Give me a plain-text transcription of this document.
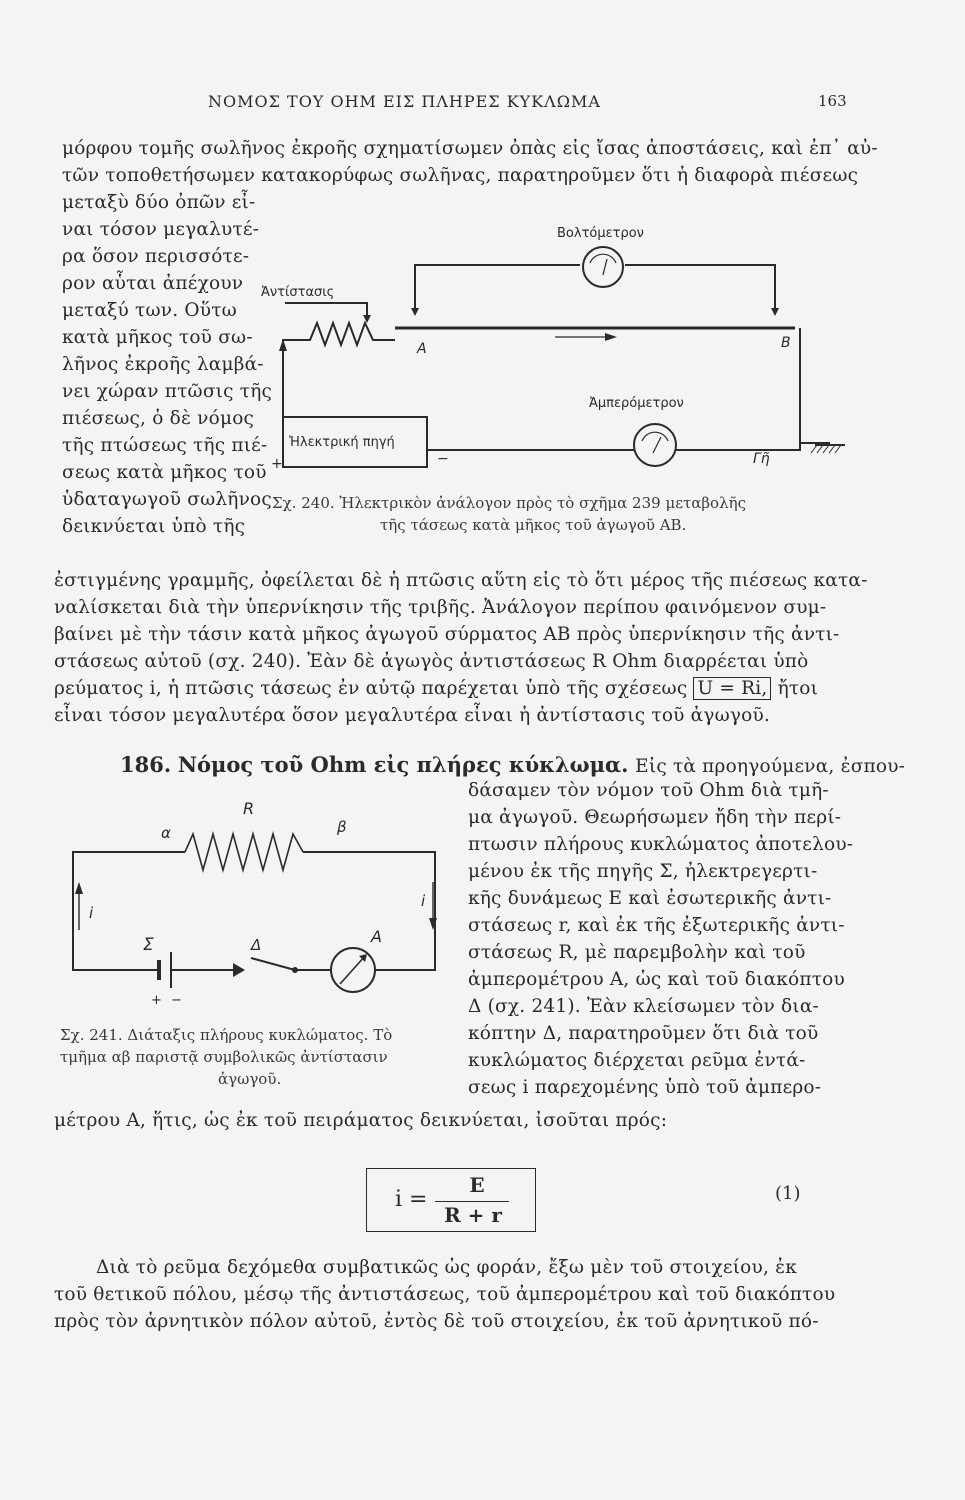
ΝΟΜΟΣ ΤΟΥ ΟΗΜ ΕΙΣ ΠΛΗΡΕΣ ΚΥΚΛΩΜΑ	163
μόρφου τομῆς σωλῆνος ἐκροῆς σχηματίσωμεν ὀπὰς εἰς ἴσας ἀποστάσεις, καὶ ἐπ᾽ αὐ-
τῶν τοποθετήσωμεν κατακορύφως σωλῆνας, παρατηροῦμεν ὅτι ἡ διαφορὰ πιέσεως
μεταξὺ δύο ὀπῶν εἶ-
ναι τόσον μεγαλυτέ-
ρα ὅσον περισσότε-
ρον αὗται ἀπέχουν
μεταξύ των. Οὕτω
κατὰ μῆκος τοῦ σω-
λῆνος ἐκροῆς λαμβά-
νει χώραν πτῶσις τῆς
πιέσεως, ὁ δὲ νόμος
τῆς πτώσεως τῆς πιέ-
σεως κατὰ μῆκος τοῦ
ὑδαταγωγοῦ σωλῆνος
δεικνύεται ὑπὸ τῆς
Βολτόμετρον
Ἀντίστασις
Α	Β
Ἀμπερόμετρον
Ἠλεκτρική πηγή
+	−	Γῆ
Σχ. 240. Ἠλεκτρικὸν ἀνάλογον πρὸς τὸ σχῆμα 239 μεταβολῆς
τῆς τάσεως κατὰ μῆκος τοῦ ἀγωγοῦ ΑΒ.
ἐστιγμένης γραμμῆς, ὀφείλεται δὲ ἡ πτῶσις αὕτη εἰς τὸ ὅτι μέρος τῆς πιέσεως κατα-
ναλίσκεται διὰ τὴν ὑπερνίκησιν τῆς τριβῆς. Ἀνάλογον περίπου φαινόμενον συμ-
βαίνει μὲ τὴν τάσιν κατὰ μῆκος ἀγωγοῦ σύρματος ΑΒ πρὸς ὑπερνίκησιν τῆς ἀντι-
στάσεως αὐτοῦ (σχ. 240). Ἐὰν δὲ ἀγωγὸς ἀντιστάσεως R Ohm διαρρέεται ὑπὸ
ρεύματος i, ἡ πτῶσις τάσεως ἐν αὐτῷ παρέχεται ὑπὸ τῆς σχέσεως U = Ri, ἤτοι
εἶναι τόσον μεγαλυτέρα ὅσον μεγαλυτέρα εἶναι ἡ ἀντίστασις τοῦ ἀγωγοῦ.
186. Νόμος τοῦ Ohm εἰς πλήρες κύκλωμα. Εἰς τὰ προηγούμενα, ἐσπου-
R
α	β
i
i
Σ	Δ	Α
+ −
Σχ. 241. Διάταξις πλήρους κυκλώματος. Τὸ
τμῆμα αβ παριστᾷ συμβολικῶς ἀντίστασιν
ἀγωγοῦ.
δάσαμεν τὸν νόμον τοῦ Ohm διὰ τμῆ-
μα ἀγωγοῦ. Θεωρήσωμεν ἤδη τὴν περί-
πτωσιν πλήρους κυκλώματος ἀποτελου-
μένου ἐκ τῆς πηγῆς Σ, ἠλεκτρεγερτι-
κῆς δυνάμεως Ε καὶ ἐσωτερικῆς ἀντι-
στάσεως r, καὶ ἐκ τῆς ἐξωτερικῆς ἀντι-
στάσεως R, μὲ παρεμβολὴν καὶ τοῦ
ἀμπερομέτρου Α, ὡς καὶ τοῦ διακόπτου
Δ (σχ. 241). Ἐὰν κλείσωμεν τὸν δια-
κόπτην Δ, παρατηροῦμεν ὅτι διὰ τοῦ
κυκλώματος διέρχεται ρεῦμα ἐντά-
σεως i παρεχομένης ὑπὸ τοῦ ἀμπερο-
μέτρου Α, ἥτις, ὡς ἐκ τοῦ πειράματος δεικνύεται, ἰσοῦται πρός:
i =
E
R + r
(1)
Διὰ τὸ ρεῦμα δεχόμεθα συμβατικῶς ὡς φοράν, ἔξω μὲν τοῦ στοιχείου, ἐκ
τοῦ θετικοῦ πόλου, μέσῳ τῆς ἀντιστάσεως, τοῦ ἀμπερομέτρου καὶ τοῦ διακόπτου
πρὸς τὸν ἀρνητικὸν πόλον αὐτοῦ, ἐντὸς δὲ τοῦ στοιχείου, ἐκ τοῦ ἀρνητικοῦ πό-
